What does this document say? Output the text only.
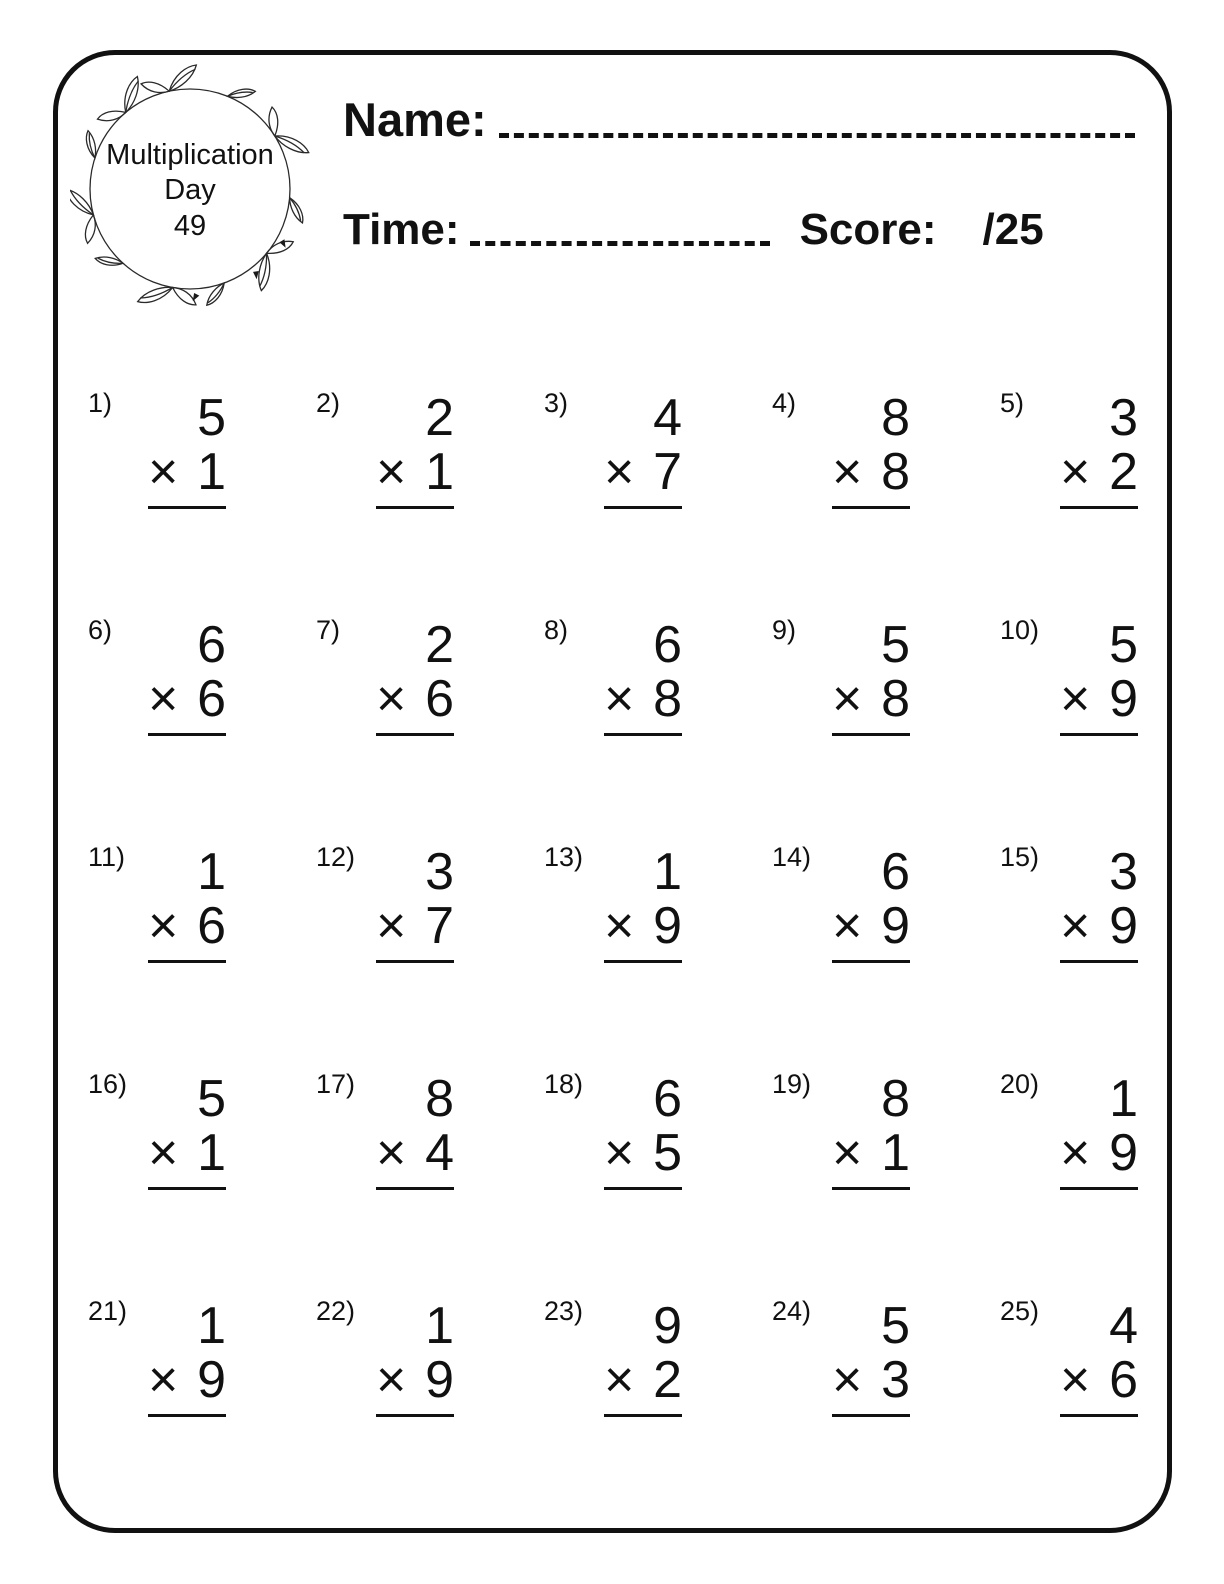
Multiplication
Day
49
Name:
Time:	Score: /25
1)	5
× 1
2)	2
× 1
3)	4
× 7
4)	8
× 8
5)	3
× 2
6)	6
× 6
7)	2
× 6
8)	6
× 8
9)	5
× 8
10)	5
× 9
11)	1
× 6
12)	3
× 7
13)	1
× 9
14)	6
× 9
15)	3
× 9
16)	5
× 1
17)	8
× 4
18)	6
× 5
19)	8
× 1
20)	1
× 9
21)	1
× 9
22)	1
× 9
23)	9
× 2
24)	5
× 3
25)	4
× 6
